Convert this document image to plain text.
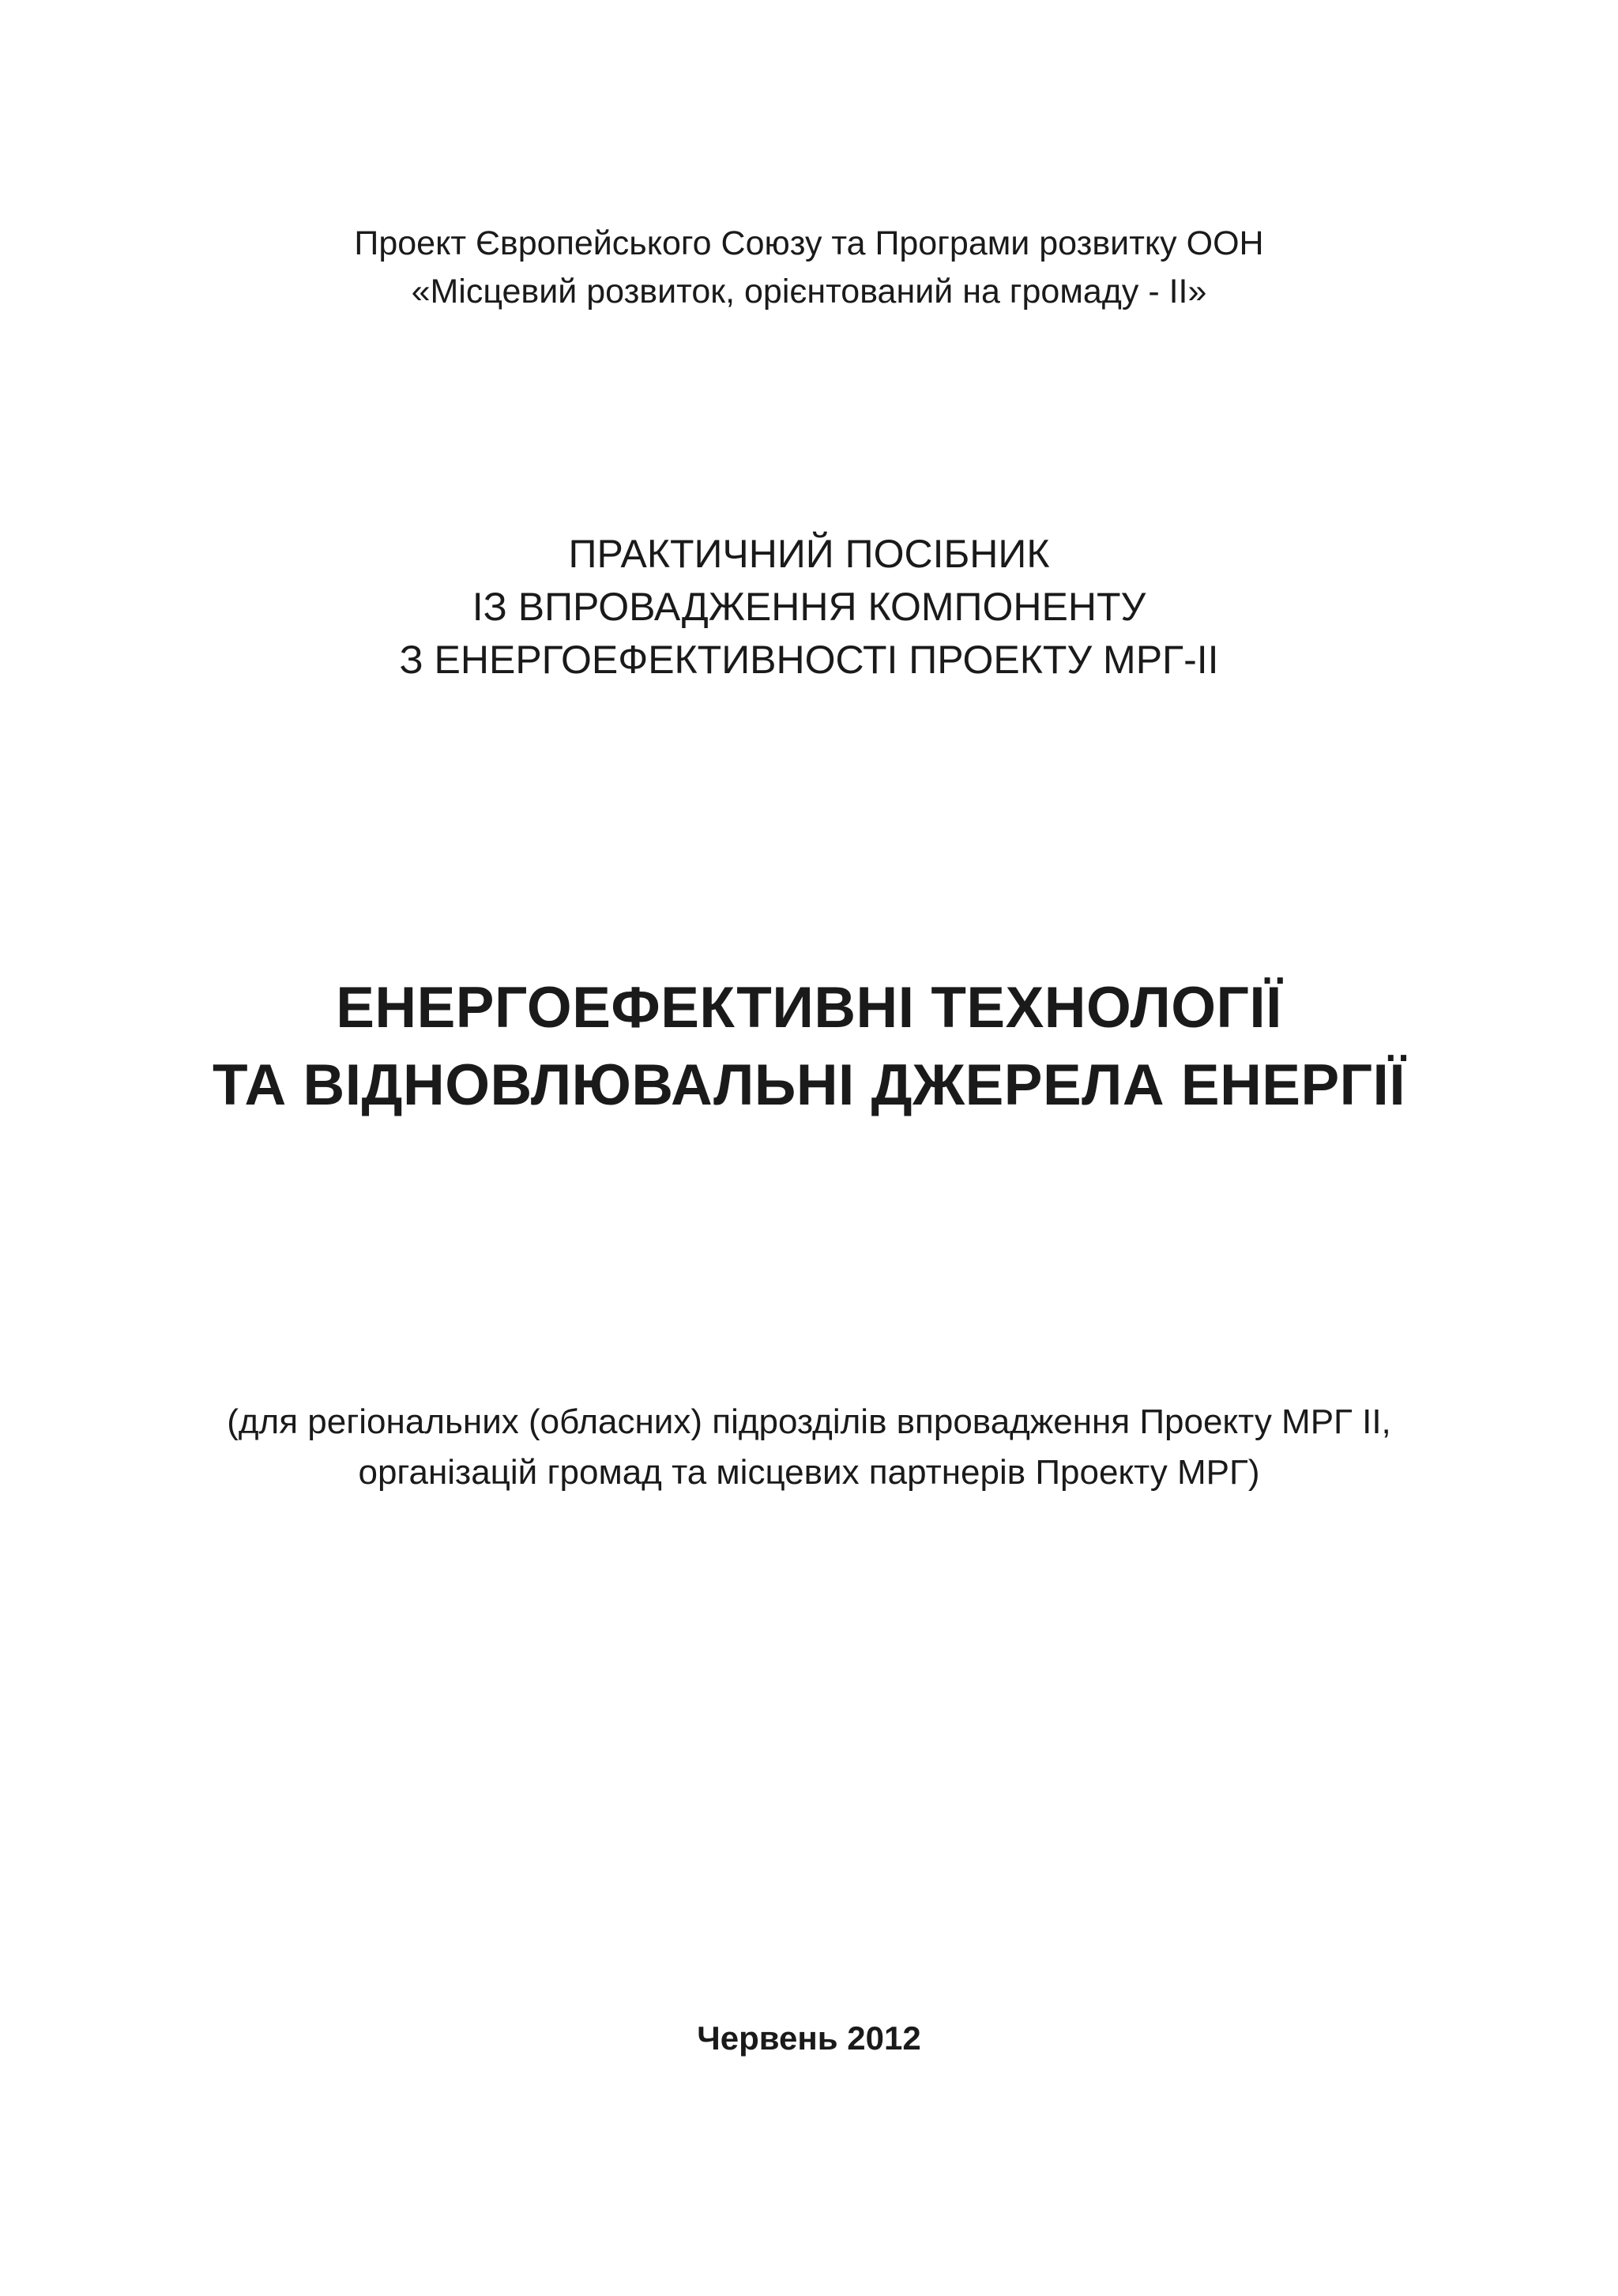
Проект Європейського Союзу та Програми розвитку ООН
«Місцевий розвиток, орієнтований на громаду - ІІ»
ПРАКТИЧНИЙ ПОСІБНИК
ІЗ ВПРОВАДЖЕННЯ КОМПОНЕНТУ
З ЕНЕРГОЕФЕКТИВНОСТІ ПРОЕКТУ МРГ-ІІ
ЕНЕРГОЕФЕКТИВНІ ТЕХНОЛОГІЇ
ТА ВІДНОВЛЮВАЛЬНІ ДЖЕРЕЛА ЕНЕРГІЇ
(для регіональних (обласних) підрозділів впровадження Проекту МРГ ІІ,
організацій громад та місцевих партнерів Проекту МРГ)
Червень 2012
